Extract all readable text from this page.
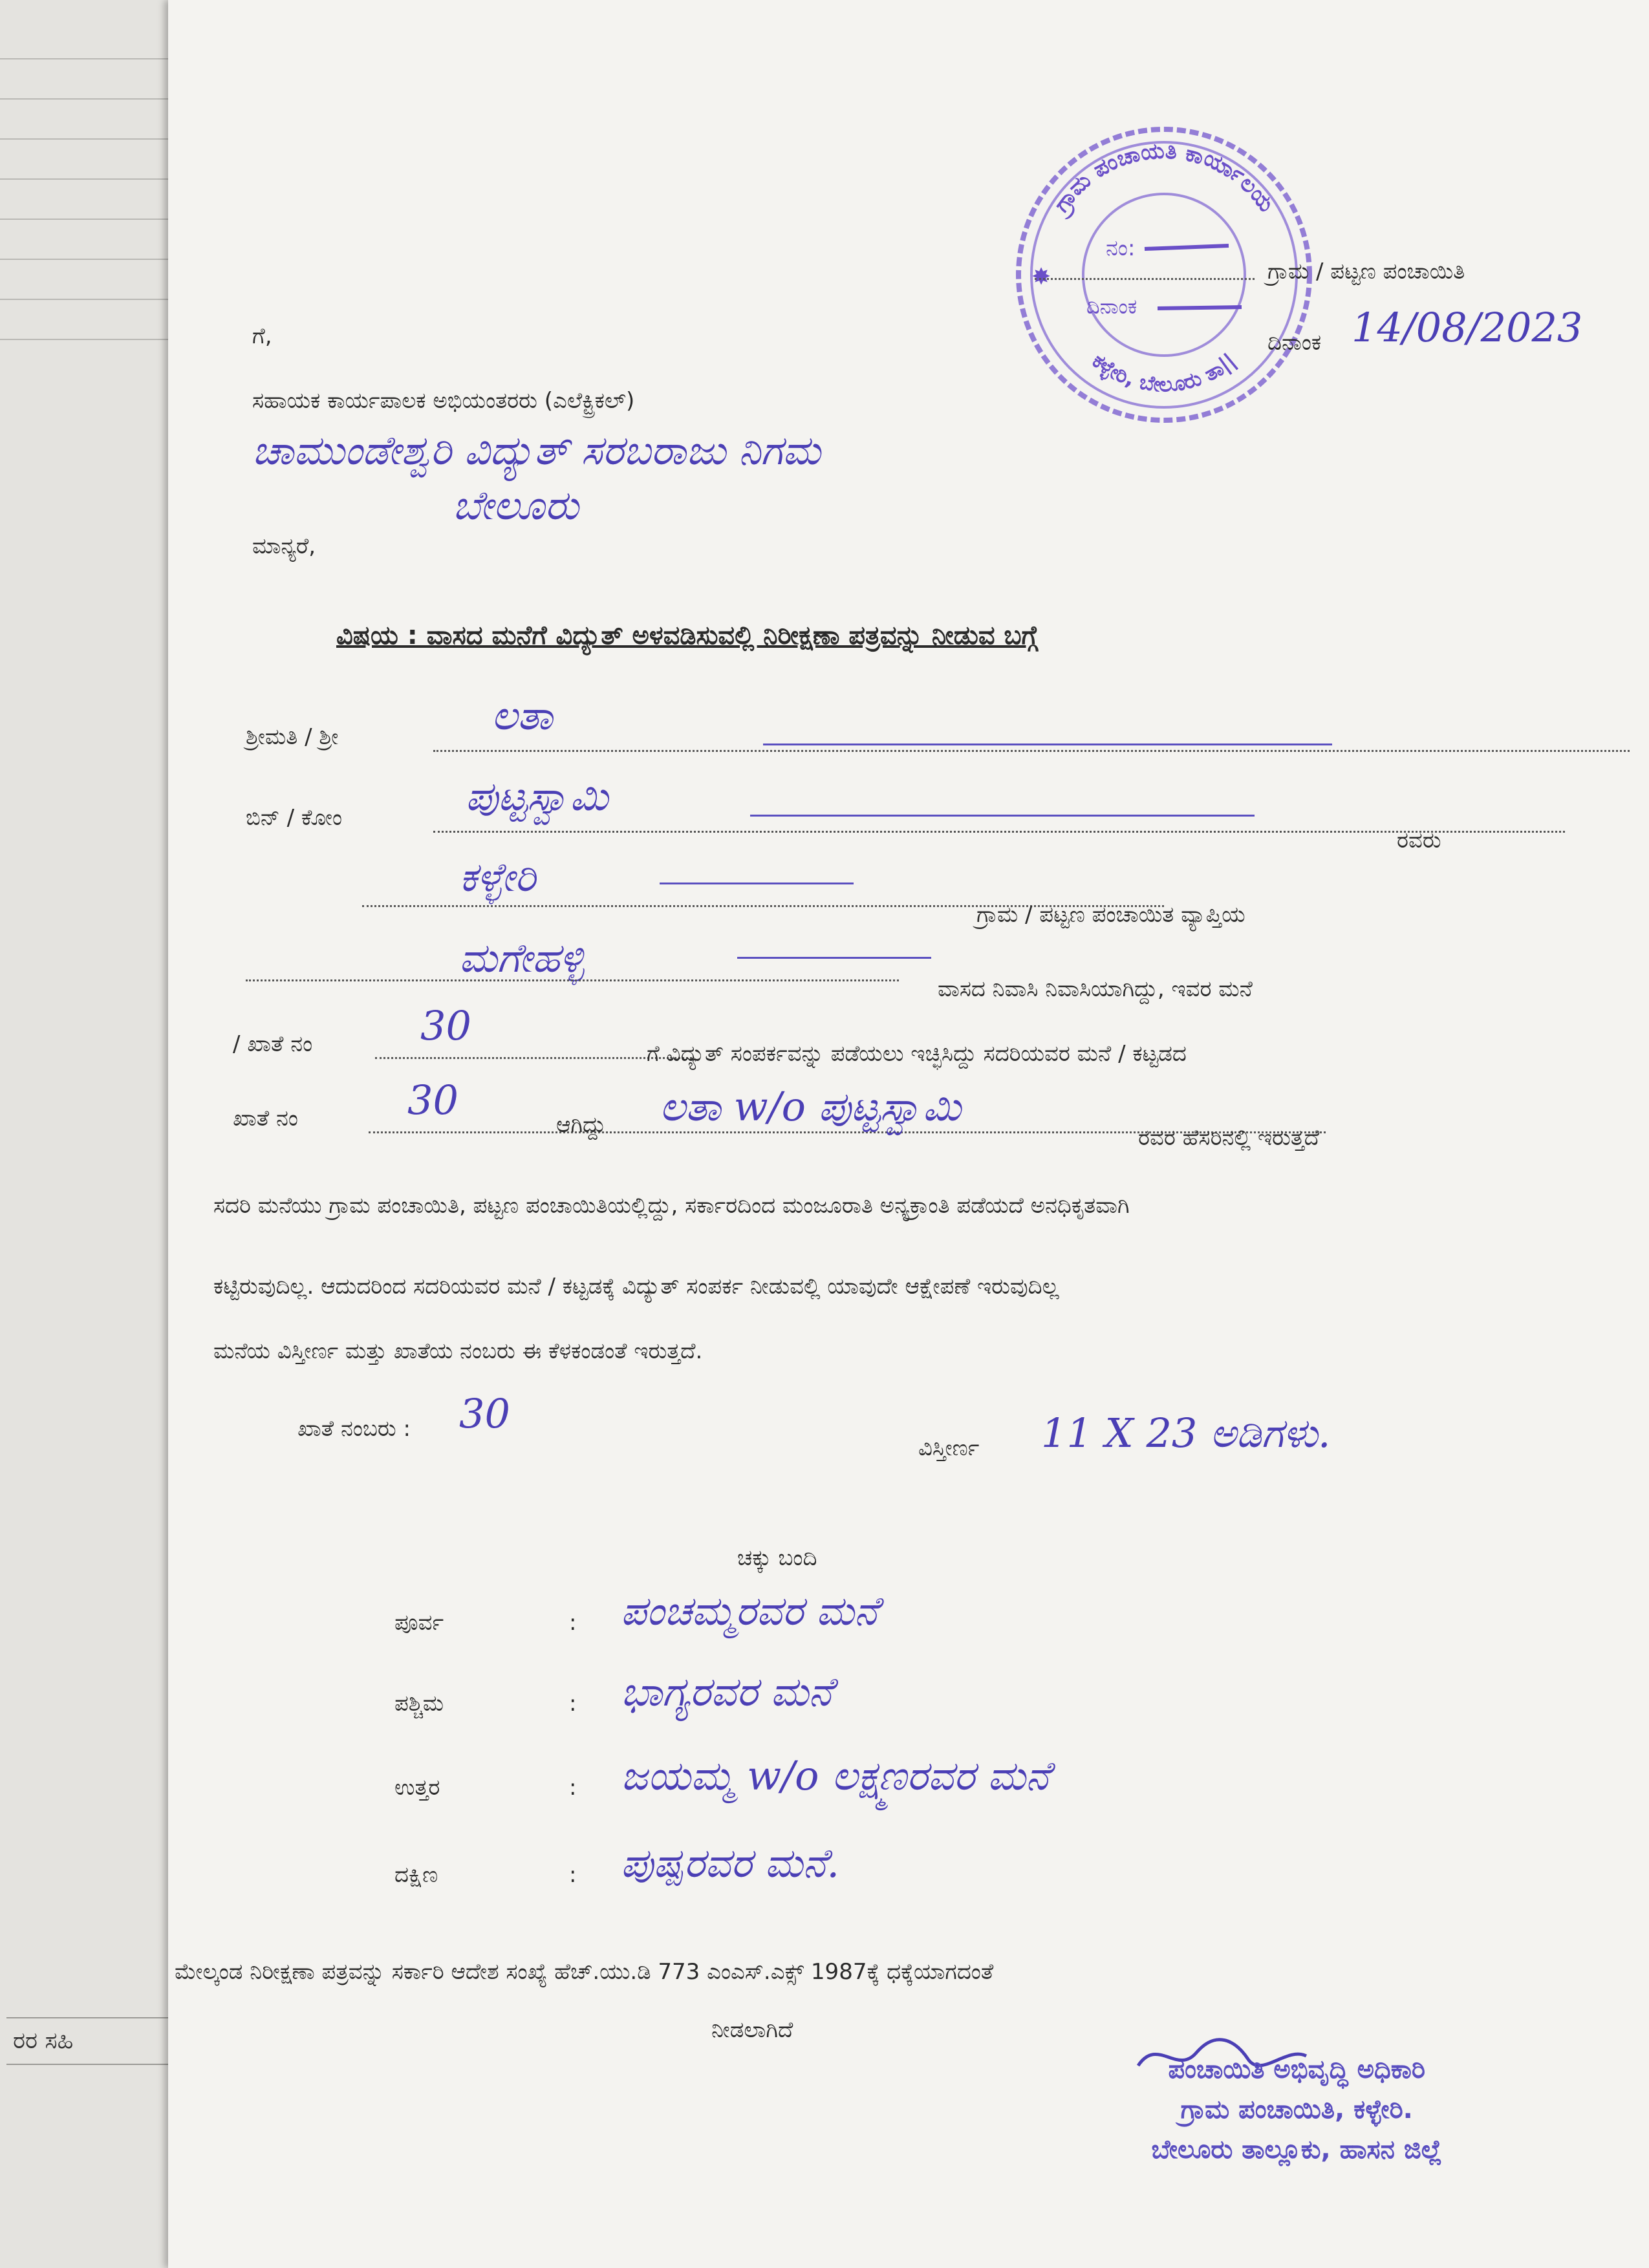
ರರ ಸಹಿ
ಗ್ರಾಮ ಪಂಚಾಯತಿ ಕಾರ್ಯಾಲಯ
ಕಳ್ಳೇರಿ, ಬೇಲೂರು ತಾ||
ನಂ:
ದಿನಾಂಕ
✸	ಗ್ರಾಮ / ಪಟ್ಟಣ ಪಂಚಾಯಿತಿ
ದಿನಾಂಕ 14/08/2023
ಗೆ,
ಸಹಾಯಕ ಕಾರ್ಯಪಾಲಕ ಅಭಿಯಂತರರು (ಎಲೆಕ್ಟ್ರಿಕಲ್)
ಚಾಮುಂಡೇಶ್ವರಿ ವಿದ್ಯುತ್ ಸರಬರಾಜು ನಿಗಮ
ಬೇಲೂರು
ಮಾನ್ಯರೆ,
ವಿಷಯ : ವಾಸದ ಮನೆಗೆ ವಿದ್ಯುತ್ ಅಳವಡಿಸುವಲ್ಲಿ ನಿರೀಕ್ಷಣಾ ಪತ್ರವನ್ನು ನೀಡುವ ಬಗ್ಗೆ
ಶ್ರೀಮತಿ / ಶ್ರೀ	ಲತಾ
ಬಿನ್ / ಕೋಂ	ಪುಟ್ಟಸ್ವಾಮಿ
ರವರು
ಕಳ್ಳೇರಿ
ಗ್ರಾಮ / ಪಟ್ಟಣ ಪಂಚಾಯಿತ ವ್ಯಾಪ್ತಿಯ
ಮಗೇಹಳ್ಳಿ
ವಾಸದ ನಿವಾಸಿ ನಿವಾಸಿಯಾಗಿದ್ದು, ಇವರ ಮನೆ
/ ಖಾತೆ ನಂ	30
ಗೆ ವಿದ್ಯುತ್ ಸಂಪರ್ಕವನ್ನು ಪಡೆಯಲು ಇಚ್ಛಿಸಿದ್ದು ಸದರಿಯವರ ಮನೆ / ಕಟ್ಟಡದ
ಖಾತೆ ನಂ	30
ಆಗಿದ್ದು ಲತಾ w/o ಪುಟ್ಟಸ್ವಾಮಿ
ರವರ ಹೆಸರಿನಲ್ಲಿ ಇರುತ್ತದೆ
ಸದರಿ ಮನೆಯು ಗ್ರಾಮ ಪಂಚಾಯಿತಿ, ಪಟ್ಟಣ ಪಂಚಾಯಿತಿಯಲ್ಲಿದ್ದು, ಸರ್ಕಾರದಿಂದ ಮಂಜೂರಾತಿ ಅನ್ಯಕ್ರಾಂತಿ ಪಡೆಯದೆ ಅನಧಿಕೃತವಾಗಿ
ಕಟ್ಟಿರುವುದಿಲ್ಲ. ಆದುದರಿಂದ ಸದರಿಯವರ ಮನೆ / ಕಟ್ಟಡಕ್ಕೆ ವಿದ್ಯುತ್ ಸಂಪರ್ಕ ನೀಡುವಲ್ಲಿ ಯಾವುದೇ ಆಕ್ಷೇಪಣೆ ಇರುವುದಿಲ್ಲ
ಮನೆಯ ವಿಸ್ತೀರ್ಣ ಮತ್ತು ಖಾತೆಯ ನಂಬರು ಈ ಕೆಳಕಂಡಂತೆ ಇರುತ್ತದೆ.
ಖಾತೆ ನಂಬರು : 30
ವಿಸ್ತೀರ್ಣ 11 X 23 ಅಡಿಗಳು.
ಚಕ್ಕು ಬಂದಿ
ಪೂರ್ವ	: ಪಂಚಮ್ಮರವರ ಮನೆ
ಪಶ್ಚಿಮ	: ಭಾಗ್ಯರವರ ಮನೆ
ಉತ್ತರ	: ಜಯಮ್ಮ w/o ಲಕ್ಷ್ಮಣರವರ ಮನೆ
ದಕ್ಷಿಣ	: ಪುಷ್ಪರವರ ಮನೆ.
ಮೇಲ್ಕಂಡ ನಿರೀಕ್ಷಣಾ ಪತ್ರವನ್ನು ಸರ್ಕಾರಿ ಆದೇಶ ಸಂಖ್ಯೆ ಹೆಚ್.ಯು.ಡಿ 773 ಎಂಎಸ್.ಎಕ್ಸ್ 1987ಕ್ಕೆ ಧಕ್ಕೆಯಾಗದಂತೆ
ನೀಡಲಾಗಿದೆ
ಪಂಚಾಯಿತಿ ಅಭಿವೃದ್ಧಿ ಅಧಿಕಾರಿ
ಗ್ರಾಮ ಪಂಚಾಯಿತಿ, ಕಳ್ಳೇರಿ.
ಬೇಲೂರು ತಾಲ್ಲೂಕು, ಹಾಸನ ಜಿಲ್ಲೆ
